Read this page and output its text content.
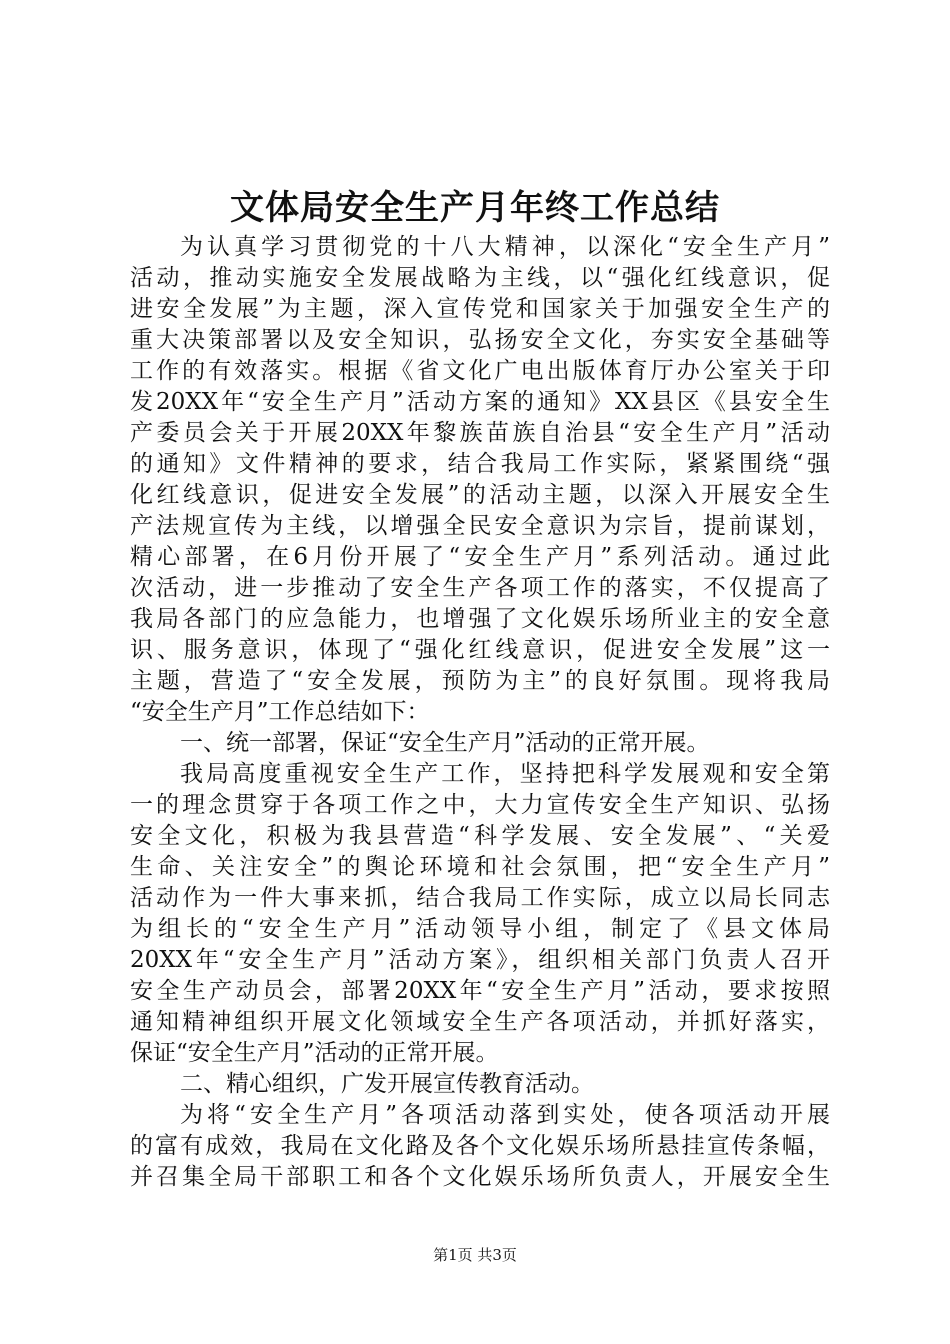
文体局安全生产月年终工作总结
为认真学习贯彻党的十八大精神，以深化“安全生产月”
活动，推动实施安全发展战略为主线，以“强化红线意识，促
进安全发展”为主题，深入宣传党和国家关于加强安全生产的
重大决策部署以及安全知识，弘扬安全文化，夯实安全基础等
工作的有效落实。根据《省文化广电出版体育厅办公室关于印
发20XX年“安全生产月”活动方案的通知》XX县区《县安全生
产委员会关于开展20XX年黎族苗族自治县“安全生产月”活动
的通知》文件精神的要求，结合我局工作实际，紧紧围绕“强
化红线意识，促进安全发展”的活动主题，以深入开展安全生
产法规宣传为主线，以增强全民安全意识为宗旨，提前谋划，
精心部署，在6月份开展了“安全生产月”系列活动。通过此
次活动，进一步推动了安全生产各项工作的落实，不仅提高了
我局各部门的应急能力，也增强了文化娱乐场所业主的安全意
识、服务意识，体现了“强化红线意识，促进安全发展”这一
主题，营造了“安全发展，预防为主”的良好氛围。现将我局
“安全生产月”工作总结如下：
一、统一部署，保证“安全生产月”活动的正常开展。
我局高度重视安全生产工作，坚持把科学发展观和安全第
一的理念贯穿于各项工作之中，大力宣传安全生产知识、弘扬
安全文化，积极为我县营造“科学发展、安全发展”、“关爱
生命、关注安全”的舆论环境和社会氛围，把“安全生产月”
活动作为一件大事来抓，结合我局工作实际，成立以局长同志
为组长的“安全生产月”活动领导小组，制定了《县文体局
20XX年“安全生产月”活动方案》，组织相关部门负责人召开
安全生产动员会，部署20XX年“安全生产月”活动，要求按照
通知精神组织开展文化领域安全生产各项活动，并抓好落实，
保证“安全生产月”活动的正常开展。
二、精心组织，广发开展宣传教育活动。
为将“安全生产月”各项活动落到实处，使各项活动开展
的富有成效，我局在文化路及各个文化娱乐场所悬挂宣传条幅，
并召集全局干部职工和各个文化娱乐场所负责人，开展安全生
第1页 共3页
